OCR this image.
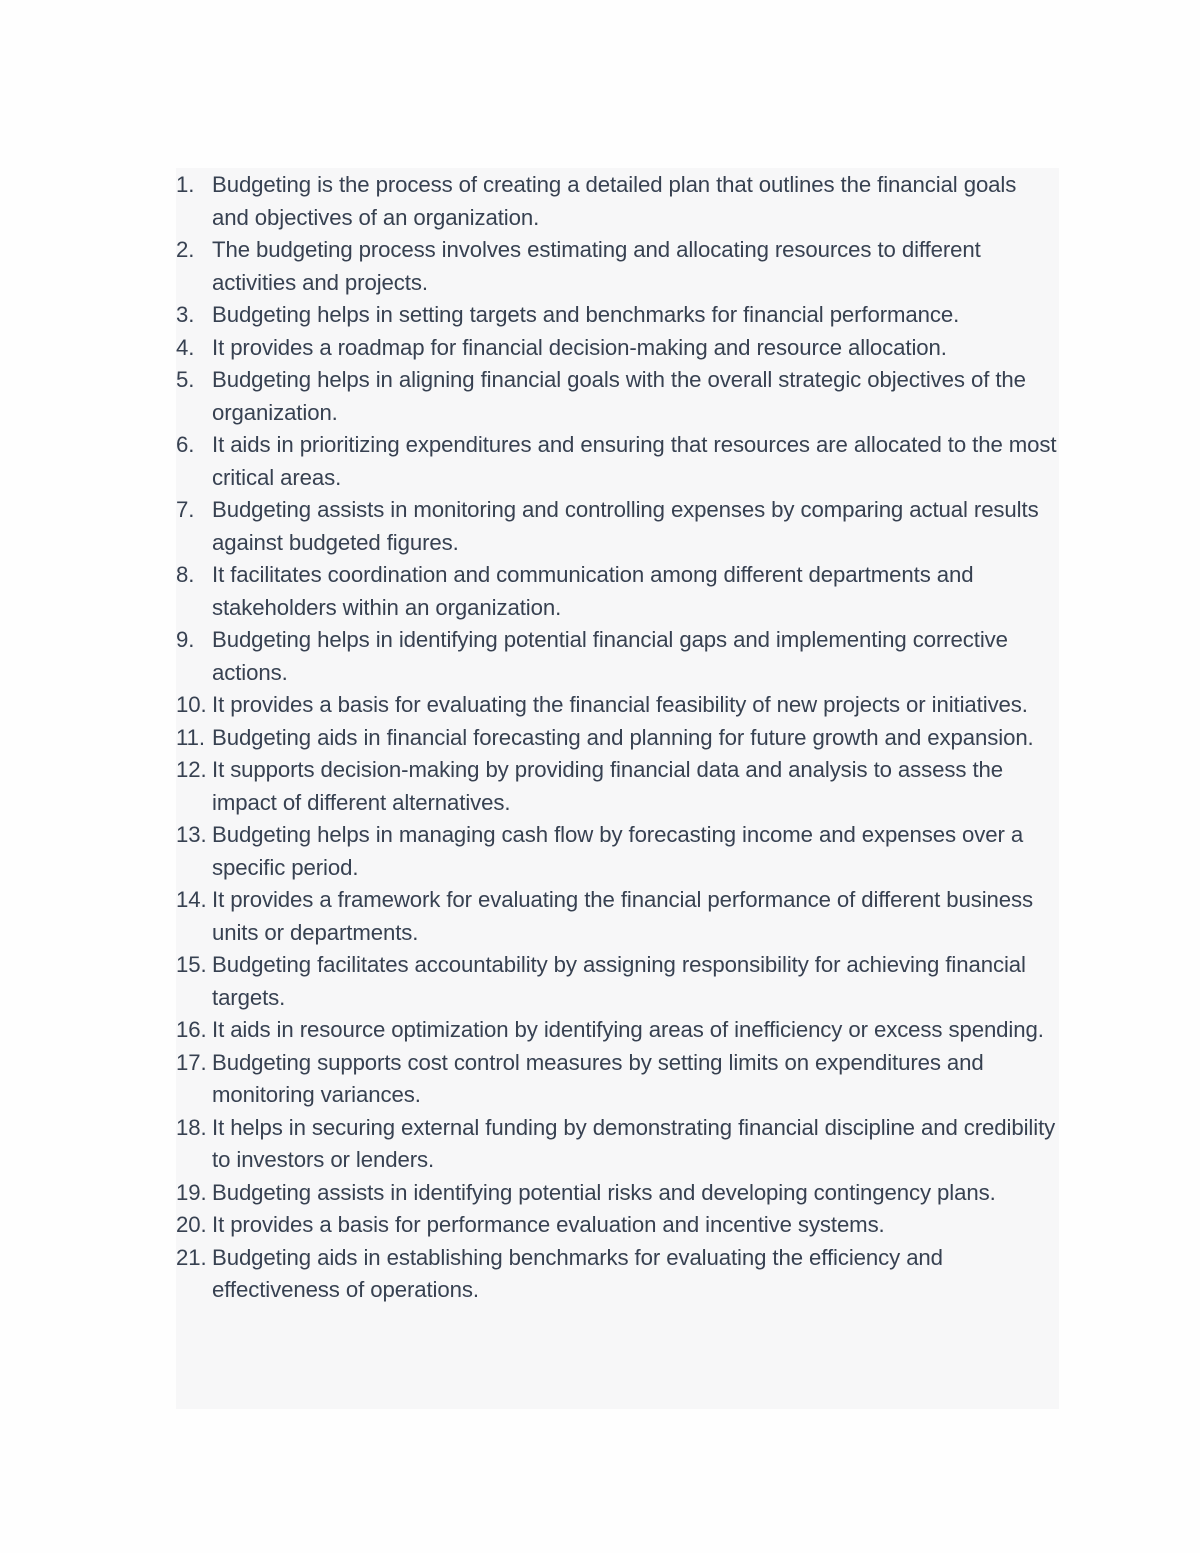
1. Budgeting is the process of creating a detailed plan that outlines the financial goals and objectives of an organization.
2. The budgeting process involves estimating and allocating resources to different activities and projects.
3. Budgeting helps in setting targets and benchmarks for financial performance.
4. It provides a roadmap for financial decision-making and resource allocation.
5. Budgeting helps in aligning financial goals with the overall strategic objectives of the organization.
6. It aids in prioritizing expenditures and ensuring that resources are allocated to the most critical areas.
7. Budgeting assists in monitoring and controlling expenses by comparing actual results against budgeted figures.
8. It facilitates coordination and communication among different departments and stakeholders within an organization.
9. Budgeting helps in identifying potential financial gaps and implementing corrective actions.
10. It provides a basis for evaluating the financial feasibility of new projects or initiatives.
11. Budgeting aids in financial forecasting and planning for future growth and expansion.
12. It supports decision-making by providing financial data and analysis to assess the impact of different alternatives.
13. Budgeting helps in managing cash flow by forecasting income and expenses over a specific period.
14. It provides a framework for evaluating the financial performance of different business units or departments.
15. Budgeting facilitates accountability by assigning responsibility for achieving financial targets.
16. It aids in resource optimization by identifying areas of inefficiency or excess spending.
17. Budgeting supports cost control measures by setting limits on expenditures and monitoring variances.
18. It helps in securing external funding by demonstrating financial discipline and credibility to investors or lenders.
19. Budgeting assists in identifying potential risks and developing contingency plans.
20. It provides a basis for performance evaluation and incentive systems.
21. Budgeting aids in establishing benchmarks for evaluating the efficiency and effectiveness of operations.
